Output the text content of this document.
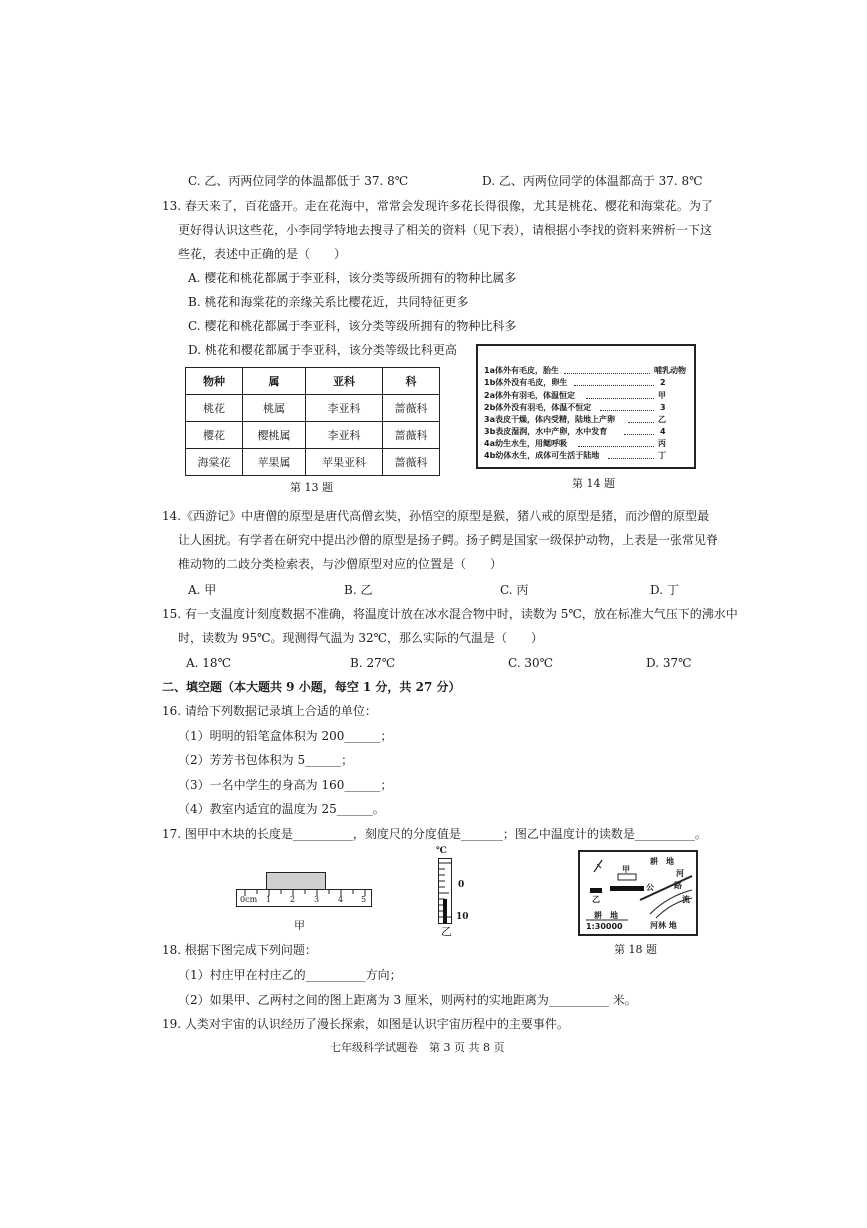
C. 乙、丙两位同学的体温都低于 37. 8℃	D. 乙、丙两位同学的体温都高于 37. 8℃
13. 春天来了，百花盛开。走在花海中，常常会发现许多花长得很像，尤其是桃花、樱花和海棠花。为了
更好得认识这些花，小李同学特地去搜寻了相关的资料（见下表），请根据小李找的资料来辨析一下这
些花，表述中正确的是（　　）
A. 樱花和桃花都属于李亚科，该分类等级所拥有的物种比属多
B. 桃花和海棠花的亲缘关系比樱花近，共同特征更多
C. 樱花和桃花都属于李亚科，该分类等级所拥有的物种比科多
D. 桃花和樱花都属于李亚科，该分类等级比科更高
物种	属	亚科	科
桃花	桃属	李亚科	蔷薇科
樱花	樱桃属	李亚科	蔷薇科
海棠花	苹果属	苹果亚科	蔷薇科
第 13 题
1a体外有毛皮，胎生	哺乳动物
1b体外没有毛皮，卵生	2
2a体外有羽毛，体温恒定	甲
2b体外没有羽毛，体温不恒定	3
3a表皮干燥，体内受精，陆地上产卵	乙
3b表皮湿润，水中产卵，水中发育	4
4a幼生水生，用鳃呼吸	丙
4b幼体水生，成体可生活于陆地	丁
第 14 题
14.《西游记》中唐僧的原型是唐代高僧玄奘，孙悟空的原型是猴，猪八戒的原型是猪，而沙僧的原型最
让人困扰。有学者在研究中提出沙僧的原型是扬子鳄。扬子鳄是国家一级保护动物，上表是一张常见脊
椎动物的二歧分类检索表，与沙僧原型对应的位置是（　　）
A. 甲	B. 乙	C. 丙	D. 丁
15. 有一支温度计刻度数据不准确，将温度计放在冰水混合物中时，读数为 5℃，放在标准大气压下的沸水中
时，读数为 95℃。现测得气温为 32℃，那么实际的气温是（　　）
A. 18℃	B. 27℃	C. 30℃	D. 37℃
二、填空题（本大题共 9 小题，每空 1 分，共 27 分）
16. 请给下列数据记录填上合适的单位：
（1）明明的铅笔盒体积为 200______；
（2）芳芳书包体积为 5______；
（3）一名中学生的身高为 160______；
（4）教室内适宜的温度为 25______。
17. 图甲中木块的长度是__________，刻度尺的分度值是_______；图乙中温度计的读数是__________。
0cm 1 2 3 4 5
甲
℃
0
10
乙
甲
乙
耕　地
耕　地
公	路
河
流
河林 地
1:30000
第 18 题
18. 根据下图完成下列问题：
（1）村庄甲在村庄乙的__________方向；
（2）如果甲、乙两村之间的图上距离为 3 厘米，则两村的实地距离为__________ 米。
19. 人类对宇宙的认识经历了漫长探索，如图是认识宇宙历程中的主要事件。
七年级科学试题卷　第 3 页 共 8 页
